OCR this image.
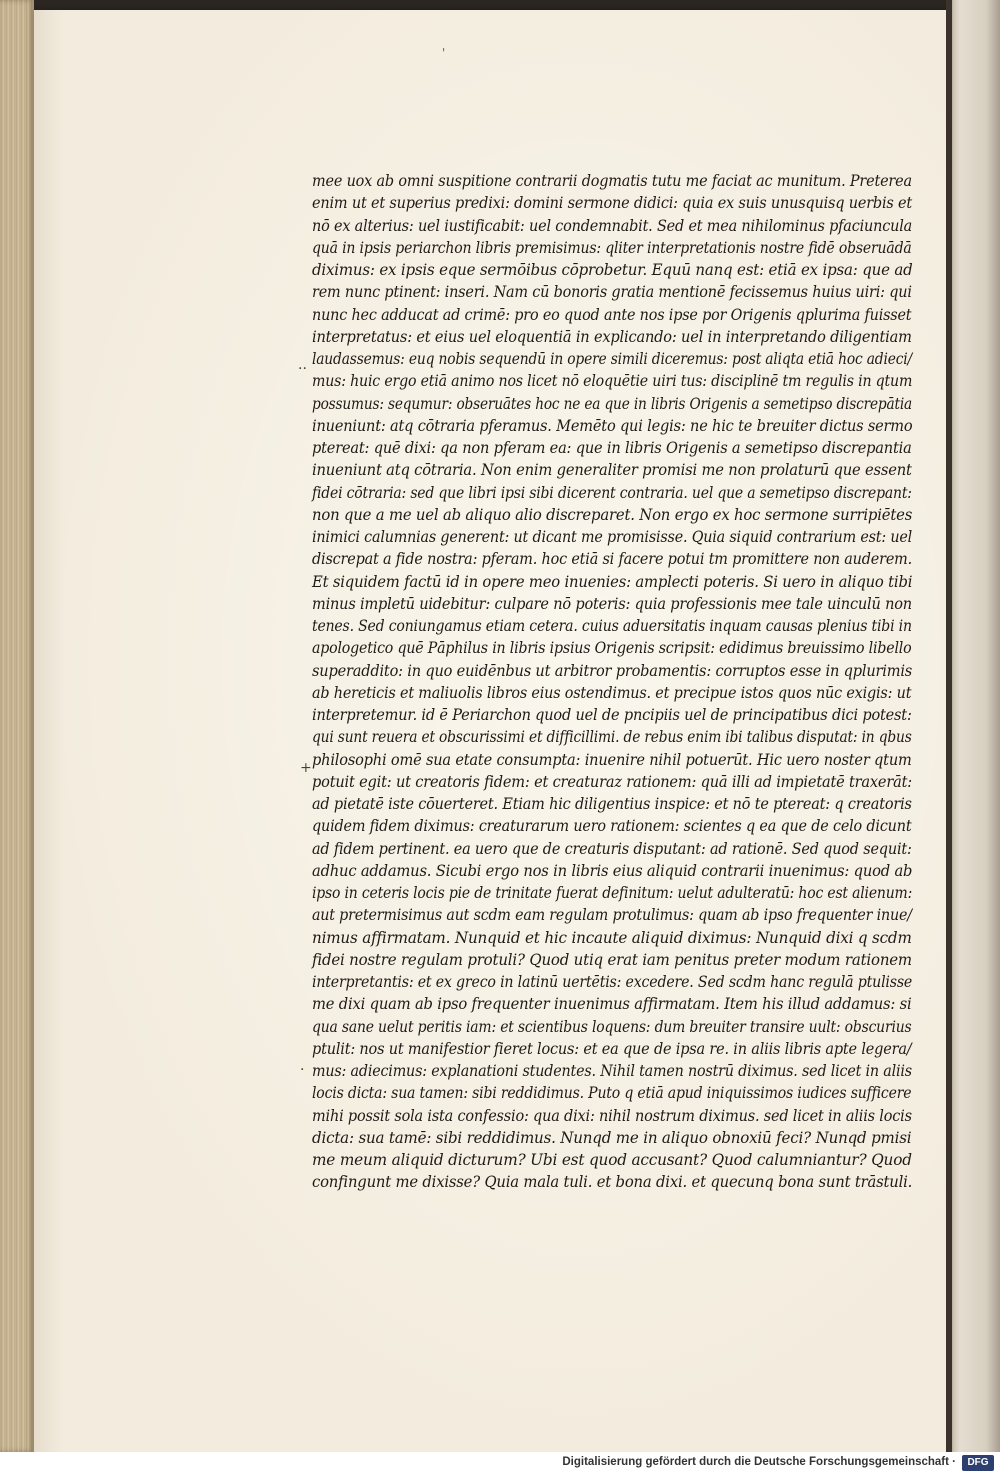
'
mee uox ab omni suspitione contrarii dogmatis tutu me faciat ac munitum. Preterea
enim ut et superius predixi: domini sermone didici: quia ex suis unusquisq uerbis et
nō ex alterius: uel iustificabit: uel condemnabit. Sed et mea nihilominus pfaciuncula
quā in ipsis periarchon libris premisimus: qliter interpretationis nostre fidē obseruādā
diximus: ex ipsis eque sermōibus cōprobetur. Equū nanq est: etiā ex ipsa: que ad
rem nunc ptinent: inseri. Nam cū bonoris gratia mentionē fecissemus huius uiri: qui
nunc hec adducat ad crimē: pro eo quod ante nos ipse por Origenis qplurima fuisset
interpretatus: et eius uel eloquentiā in explicando: uel in interpretando diligentiam
laudassemus: euq nobis sequendū in opere simili diceremus: post aliqta etiā hoc adieci/
mus: huic ergo etiā animo nos licet nō eloquētie uiri tus: disciplinē tm regulis in qtum
possumus: sequmur: obseruātes hoc ne ea que in libris Origenis a semetipso discrepātia
inueniunt: atq cōtraria pferamus. Memēto qui legis: ne hic te breuiter dictus sermo
ptereat: quē dixi: qa non pferam ea: que in libris Origenis a semetipso discrepantia
inueniunt atq cōtraria. Non enim generaliter promisi me non prolaturū que essent
fidei cōtraria: sed que libri ipsi sibi dicerent contraria. uel que a semetipso discrepant:
non que a me uel ab aliquo alio discreparet. Non ergo ex hoc sermone surripiētes
inimici calumnias generent: ut dicant me promisisse. Quia siquid contrarium est: uel
discrepat a fide nostra: pferam. hoc etiā si facere potui tm promittere non auderem.
Et siquidem factū id in opere meo inuenies: amplecti poteris. Si uero in aliquo tibi
minus impletū uidebitur: culpare nō poteris: quia professionis mee tale uinculū non
tenes. Sed coniungamus etiam cetera. cuius aduersitatis inquam causas plenius tibi in
apologetico quē Pāphilus in libris ipsius Origenis scripsit: edidimus breuissimo libello
superaddito: in quo euidēnbus ut arbitror probamentis: corruptos esse in qplurimis
ab hereticis et maliuolis libros eius ostendimus. et precipue istos quos nūc exigis: ut
interpretemur. id ē Periarchon quod uel de pncipiis uel de principatibus dici potest:
qui sunt reuera et obscurissimi et difficillimi. de rebus enim ibi talibus disputat: in qbus
philosophi omē sua etate consumpta: inuenire nihil potuerūt. Hic uero noster qtum
potuit egit: ut creatoris fidem: et creaturaz rationem: quā illi ad impietatē traxerāt:
ad pietatē iste cōuerteret. Etiam hic diligentius inspice: et nō te ptereat: q creatoris
quidem fidem diximus: creaturarum uero rationem: scientes q ea que de celo dicunt
ad fidem pertinent. ea uero que de creaturis disputant: ad rationē. Sed quod sequit:
adhuc addamus. Sicubi ergo nos in libris eius aliquid contrarii inuenimus: quod ab
ipso in ceteris locis pie de trinitate fuerat definitum: uelut adulteratū: hoc est alienum:
aut pretermisimus aut scdm eam regulam protulimus: quam ab ipso frequenter inue/
nimus affirmatam. Nunquid et hic incaute aliquid diximus: Nunquid dixi q scdm
fidei nostre regulam protuli? Quod utiq erat iam penitus preter modum rationem
interpretantis: et ex greco in latinū uertētis: excedere. Sed scdm hanc regulā ptulisse
me dixi quam ab ipso frequenter inuenimus affirmatam. Item his illud addamus: si
qua sane uelut peritis iam: et scientibus loquens: dum breuiter transire uult: obscurius
ptulit: nos ut manifestior fieret locus: et ea que de ipsa re. in aliis libris apte legera/
mus: adiecimus: explanationi studentes. Nihil tamen nostrū diximus. sed licet in aliis
locis dicta: sua tamen: sibi reddidimus. Puto q etiā apud iniquissimos iudices sufficere
mihi possit sola ista confessio: qua dixi: nihil nostrum diximus. sed licet in aliis locis
dicta: sua tamē: sibi reddidimus. Nunqd me in aliquo obnoxiū feci? Nunqd pmisi
me meum aliquid dicturum? Ubi est quod accusant? Quod calumniantur? Quod
confingunt me dixisse? Quia mala tuli. et bona dixi. et quecunq bona sunt trāstuli.
..
+
·
Digitalisierung gefördert durch die Deutsche Forschungsgemeinschaft ·	DFG
